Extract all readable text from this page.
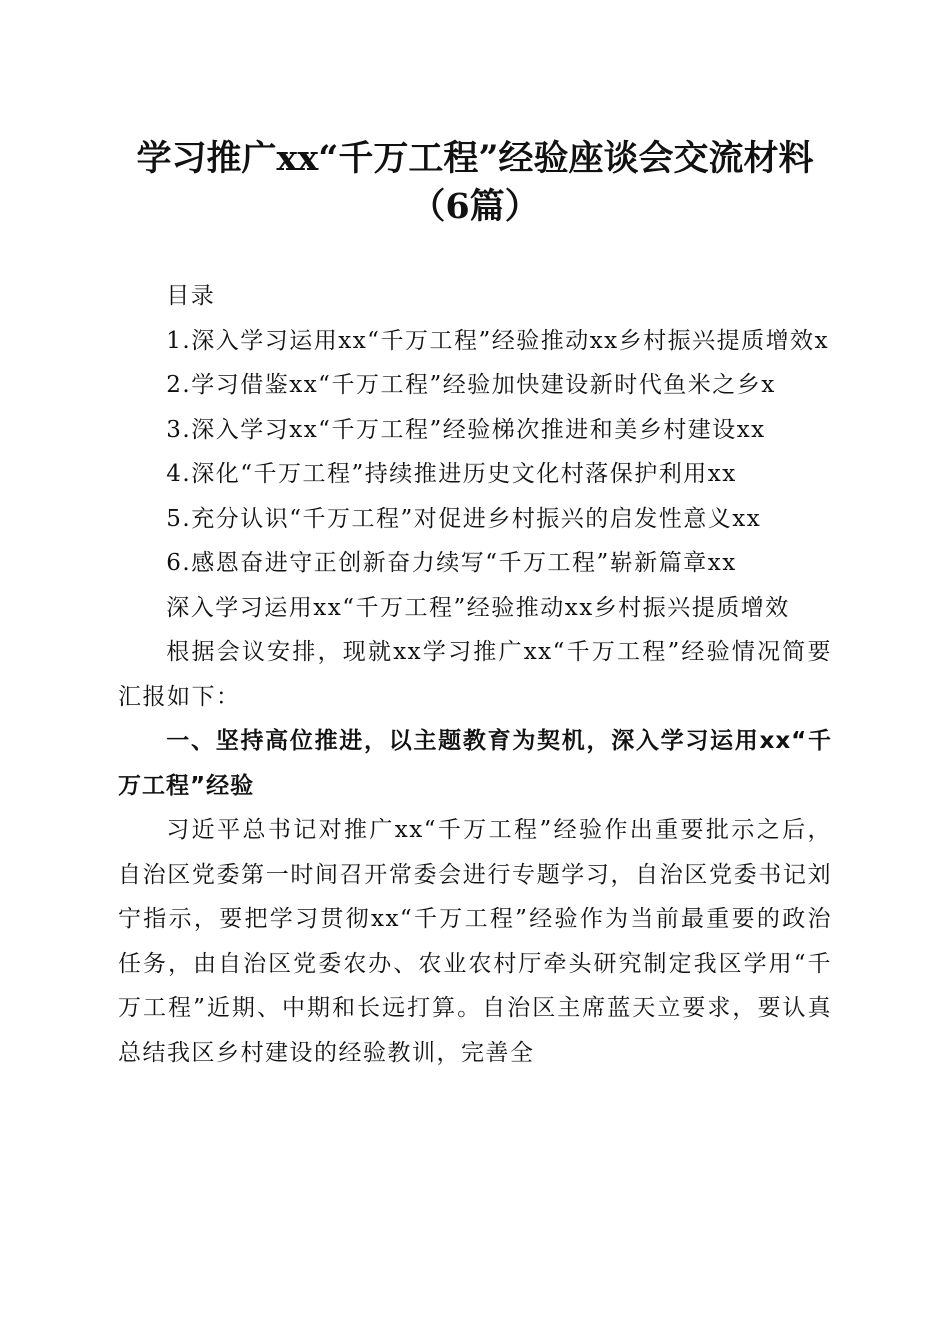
学习推广xx“千万工程”经验座谈会交流材料（6篇）

目录

1.深入学习运用xx“千万工程”经验推动xx乡村振兴提质增效x

2.学习借鉴xx“千万工程”经验加快建设新时代鱼米之乡x

3.深入学习xx“千万工程”经验梯次推进和美乡村建设xx

4.深化“千万工程”持续推进历史文化村落保护利用xx

5.充分认识“千万工程”对促进乡村振兴的启发性意义xx

6.感恩奋进守正创新奋力续写“千万工程”崭新篇章xx

深入学习运用xx“千万工程”经验推动xx乡村振兴提质增效

根据会议安排，现就xx学习推广xx“千万工程”经验情况简要汇报如下：

一、坚持高位推进，以主题教育为契机，深入学习运用xx“千万工程”经验

习近平总书记对推广xx“千万工程”经验作出重要批示之后，自治区党委第一时间召开常委会进行专题学习，自治区党委书记刘宁指示，要把学习贯彻xx“千万工程”经验作为当前最重要的政治任务，由自治区党委农办、农业农村厅牵头研究制定我区学用“千万工程”近期、中期和长远打算。自治区主席蓝天立要求，要认真总结我区乡村建设的经验教训，完善全
